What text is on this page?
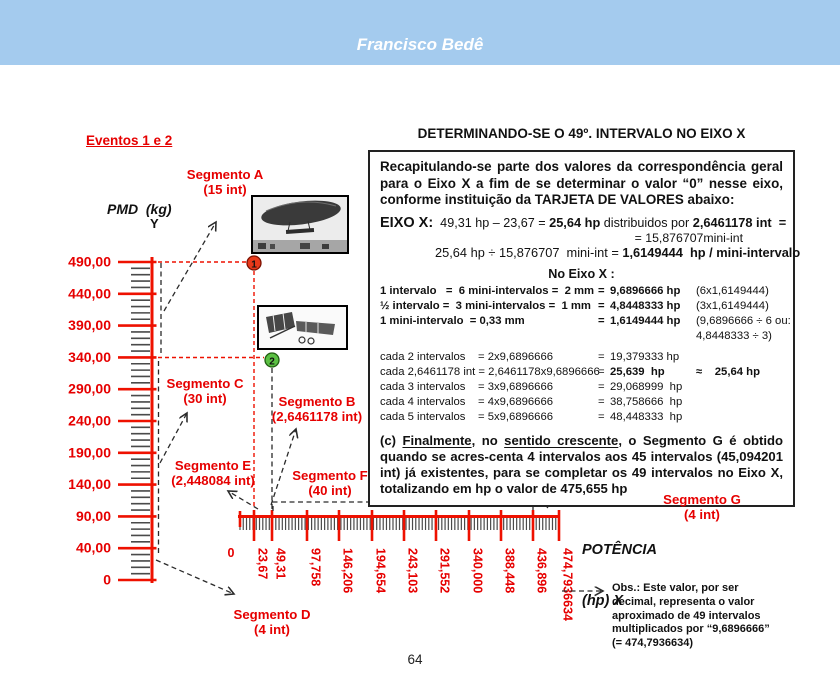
Francisco Bedê
Eventos 1 e 2	DETERMINANDO-SE O 49º. INTERVALO NO EIXO X
490,00
440,00
390,00
340,00
290,00
240,00
190,00
140,00
90,00
40,00
0
0 23,67 49,31 97,758 146,206 194,654 243,103 291,552 340,000 388,448 436,896 474,7936634
1
2
Recapitulando-se parte dos valores da correspondência geral para o Eixo X a fim de se determinar o valor “0” nesse eixo, conforme instituição da TARJETA DE VALORES abaixo:
EIXO X:  49,31 hp – 23,67 = 25,64 hp distribuidos por 2,6461178 int  =
= 15,876707mini-int
25,64 hp ÷ 15,876707  mini-int = 1,6149444  hp / mini-intervalo
No Eixo X :
1 intervalo   =  6 mini-intervalos =  2 mm = 9,6896666 hp	(6x1,6149444)
½ intervalo =  3 mini-intervalos =  1 mm = 4,8448333 hp	(3x1,6149444)
1 mini-intervalo  = 0,33 mm	= 1,6149444 hp	(9,6896666 ÷ 6 ou:
4,8448333 ÷ 3)
cada 2 intervalos    = 2x9,6896666	= 19,379333 hp
cada 2,6461178 int = 2,6461178x9,6896666
= 25,639  hp	≈    25,64 hp
cada 3 intervalos    = 3x9,6896666	= 29,068999  hp
cada 4 intervalos    = 4x9,6896666	= 38,758666  hp
cada 5 intervalos    = 5x9,6896666	= 48,448333  hp
(c) Finalmente, no sentido crescente, o Segmento G é obtido quando se acres-centa 4 intervalos aos 45 intervalos (45,094201 int) já existentes, para se completar os 49 intervalos no Eixo X, totalizando em hp o valor de 475,655 hp
PMD  (kg)
Y

POTÊNCIA

(hp) X

Segmento A
(15 int)
Segmento B
(2,6461178 int)
Segmento C
(30 int)
Segmento D
(4 int)
Segmento E
(2,448084 int)	Segmento F
(40 int)
Segmento G
(4 int)
Obs.: Este valor, por ser decimal, representa o valor aproximado de 49 intervalos multiplicados por “9,6896666” (= 474,7936634)
64
